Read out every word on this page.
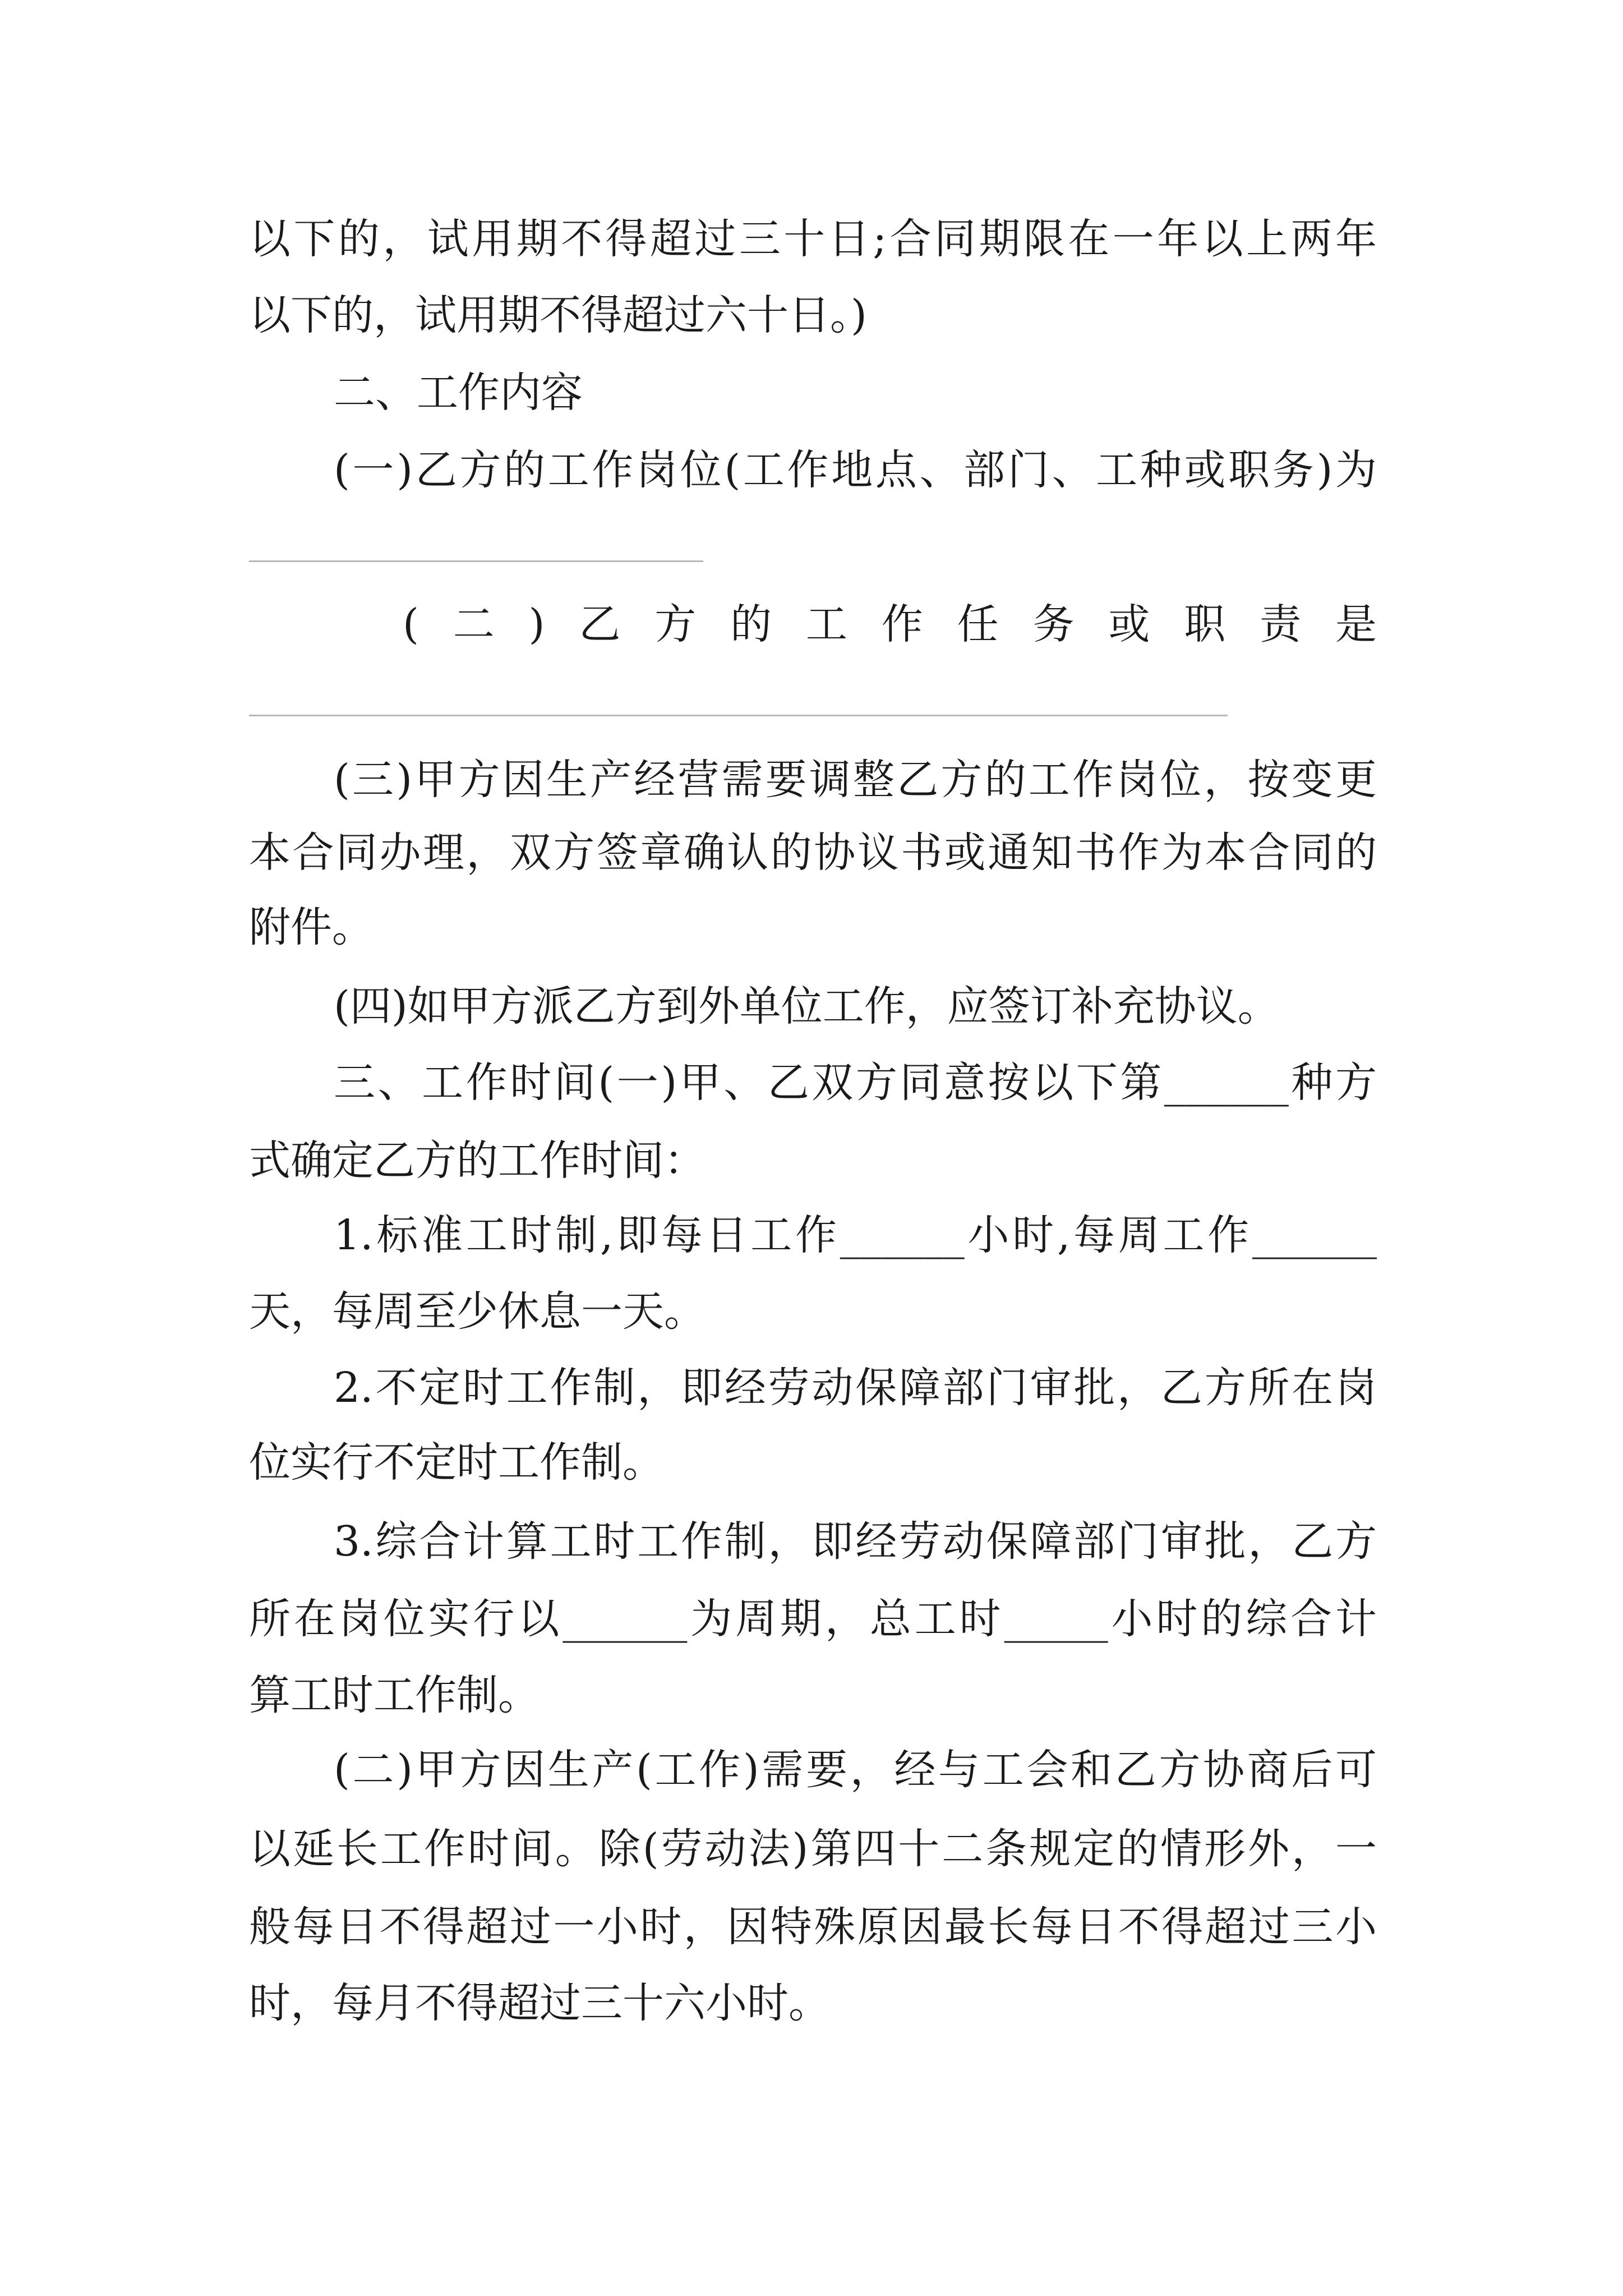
以下的，试用期不得超过三十日;合同期限在一年以上两年
以下的，试用期不得超过六十日。)
二、工作内容
(一)乙方的工作岗位(工作地点、部门、工种或职务)为
(二)乙方的工作任务或职责是
(三)甲方因生产经营需要调整乙方的工作岗位，按变更
本合同办理，双方签章确认的协议书或通知书作为本合同的
附件。
(四)如甲方派乙方到外单位工作，应签订补充协议。
三、工作时间(一)甲、乙双方同意按以下第______种方
式确定乙方的工作时间：
1.标准工时制,即每日工作______小时,每周工作______
天，每周至少休息一天。
2.不定时工作制，即经劳动保障部门审批，乙方所在岗
位实行不定时工作制。
3.综合计算工时工作制，即经劳动保障部门审批，乙方
所在岗位实行以______为周期，总工时_____小时的综合计
算工时工作制。
(二)甲方因生产(工作)需要，经与工会和乙方协商后可
以延长工作时间。除(劳动法)第四十二条规定的情形外，一
般每日不得超过一小时，因特殊原因最长每日不得超过三小
时，每月不得超过三十六小时。
